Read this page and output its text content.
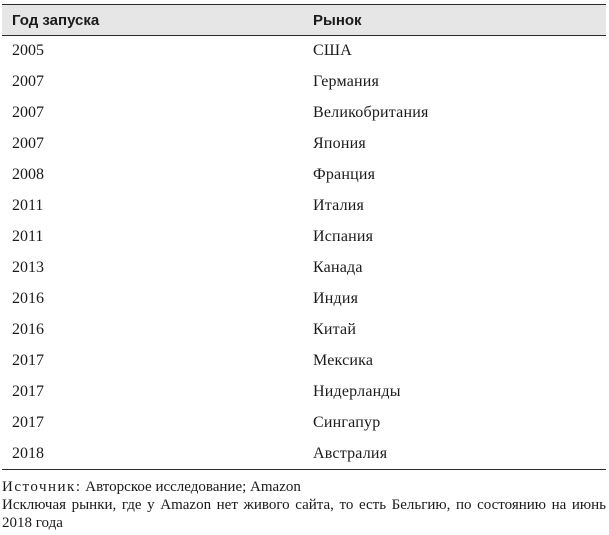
Год запуска	Рынок
2005	США
2007	Германия
2007	Великобритания
2007	Япония
2008	Франция
2011	Италия
2011	Испания
2013	Канада
2016	Индия
2016	Китай
2017	Мексика
2017	Нидерланды
2017	Сингапур
2018	Австралия
Источник: Авторское исследование; Amazon
Исключая рынки, где у Amazon нет живого сайта, то есть Бельгию, по состоянию на июнь 2018 года
